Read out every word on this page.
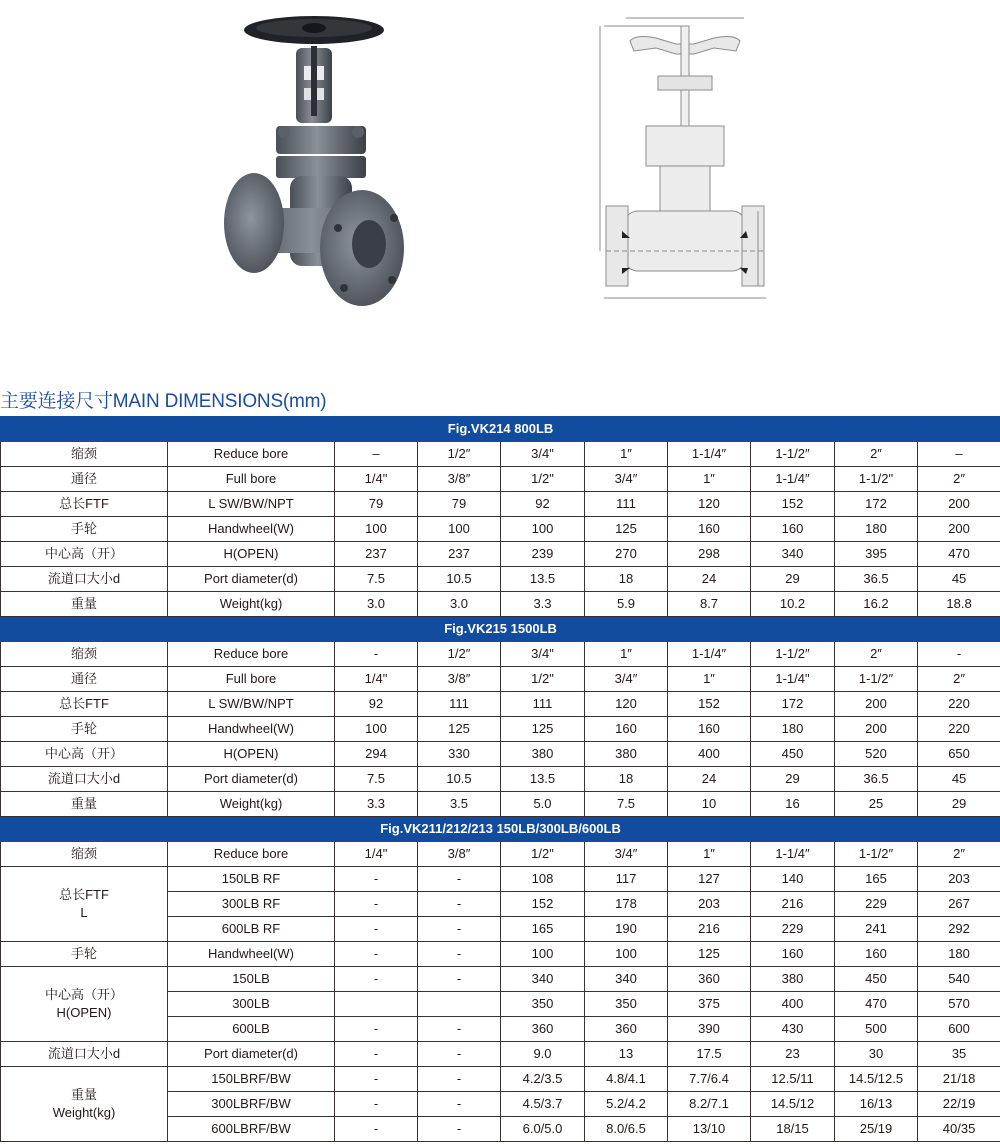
主要连接尺寸MAIN DIMENSIONS(mm)
Fig.VK214 800LB									
缩颈	Reduce bore	–	1/2″	3/4"	1″	1-1/4″	1-1/2″	2″	–
通径	Full bore	1/4"	3/8″	1/2"	3/4″	1″	1-1/4″	1-1/2"	2″
总长FTF	L SW/BW/NPT	79	79	92	111	120	152	172	200
手轮	Handwheel(W)	100	100	100	125	160	160	180	200
中心高（开）	H(OPEN)	237	237	239	270	298	340	395	470
流道口大小d	Port diameter(d)	7.5	10.5	13.5	18	24	29	36.5	45
重量	Weight(kg)	3.0	3.0	3.3	5.9	8.7	10.2	16.2	18.8
Fig.VK215 1500LB									
缩颈	Reduce bore	-	1/2″	3/4"	1″	1-1/4″	1-1/2″	2″	-
通径	Full bore	1/4"	3/8″	1/2"	3/4″	1″	1-1/4"	1-1/2″	2″
总长FTF	L SW/BW/NPT	92	111	111	120	152	172	200	220
手轮	Handwheel(W)	100	125	125	160	160	180	200	220
中心高（开）	H(OPEN)	294	330	380	380	400	450	520	650
流道口大小d	Port diameter(d)	7.5	10.5	13.5	18	24	29	36.5	45
重量	Weight(kg)	3.3	3.5	5.0	7.5	10	16	25	29
Fig.VK211/212/213 150LB/300LB/600LB									
缩颈	Reduce bore	1/4"	3/8″	1/2"	3/4″	1″	1-1/4″	1-1/2″	2″

总长FTF
L	150LB RF	-	-	108	117	127	140	165	203
	300LB RF	-	-	152	178	203	216	229	267
	600LB RF	-	-	165	190	216	229	241	292
手轮	Handwheel(W)	-	-	100	100	125	160	160	180

中心高（开）
H(OPEN)	150LB	-	-	340	340	360	380	450	540
	300LB			350	350	375	400	470	570
	600LB	-	-	360	360	390	430	500	600
流道口大小d	Port diameter(d)	-	-	9.0	13	17.5	23	30	35

重量
Weight(kg)	150LBRF/BW	-	-	4.2/3.5	4.8/4.1	7.7/6.4	12.5/11	14.5/12.5	21/18
	300LBRF/BW	-	-	4.5/3.7	5.2/4.2	8.2/7.1	14.5/12	16/13	22/19
	600LBRF/BW	-	-	6.0/5.0	8.0/6.5	13/10	18/15	25/19	40/35
